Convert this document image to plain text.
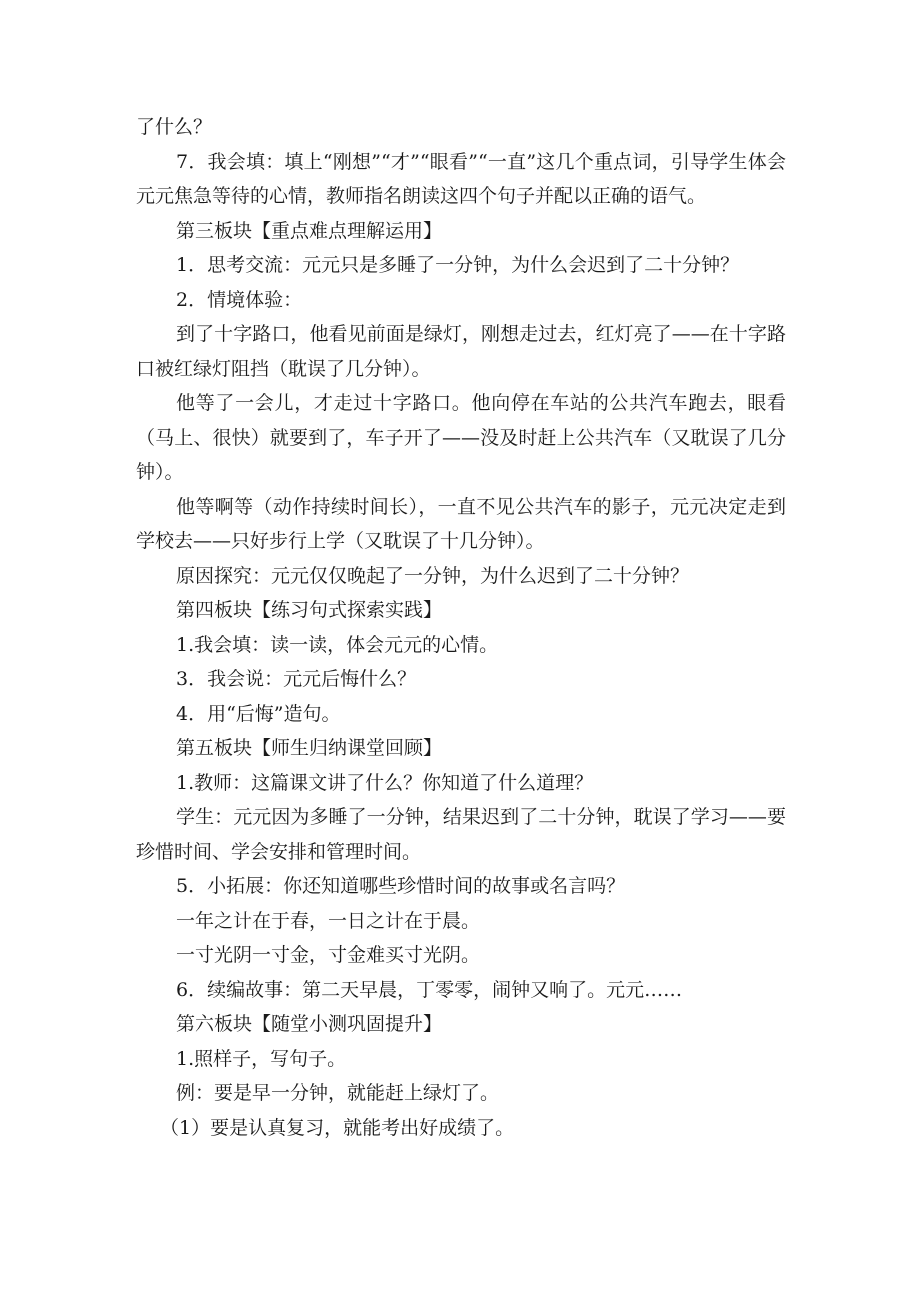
了什么？

7．我会填：填上“刚想”“才”“眼看”“一直”这几个重点词，引导学生体会元元焦急等待的心情，教师指名朗读这四个句子并配以正确的语气。

第三板块【重点难点理解运用】

1．思考交流：元元只是多睡了一分钟，为什么会迟到了二十分钟？

2．情境体验：

到了十字路口，他看见前面是绿灯，刚想走过去，红灯亮了——在十字路口被红绿灯阻挡（耽误了几分钟）。

他等了一会儿，才走过十字路口。他向停在车站的公共汽车跑去，眼看（马上、很快）就要到了，车子开了——没及时赶上公共汽车（又耽误了几分钟）。

他等啊等（动作持续时间长），一直不见公共汽车的影子，元元决定走到学校去——只好步行上学（又耽误了十几分钟）。

原因探究：元元仅仅晚起了一分钟，为什么迟到了二十分钟？

第四板块【练习句式探索实践】

1.我会填：读一读，体会元元的心情。

3．我会说：元元后悔什么？

4．用“后悔”造句。

第五板块【师生归纳课堂回顾】

1.教师：这篇课文讲了什么？你知道了什么道理？

学生：元元因为多睡了一分钟，结果迟到了二十分钟，耽误了学习——要珍惜时间、学会安排和管理时间。

5．小拓展：你还知道哪些珍惜时间的故事或名言吗？

一年之计在于春，一日之计在于晨。

一寸光阴一寸金，寸金难买寸光阴。

6．续编故事：第二天早晨，丁零零，闹钟又响了。元元……

第六板块【随堂小测巩固提升】

1.照样子，写句子。

例：要是早一分钟，就能赶上绿灯了。

（1）要是认真复习，就能考出好成绩了。
